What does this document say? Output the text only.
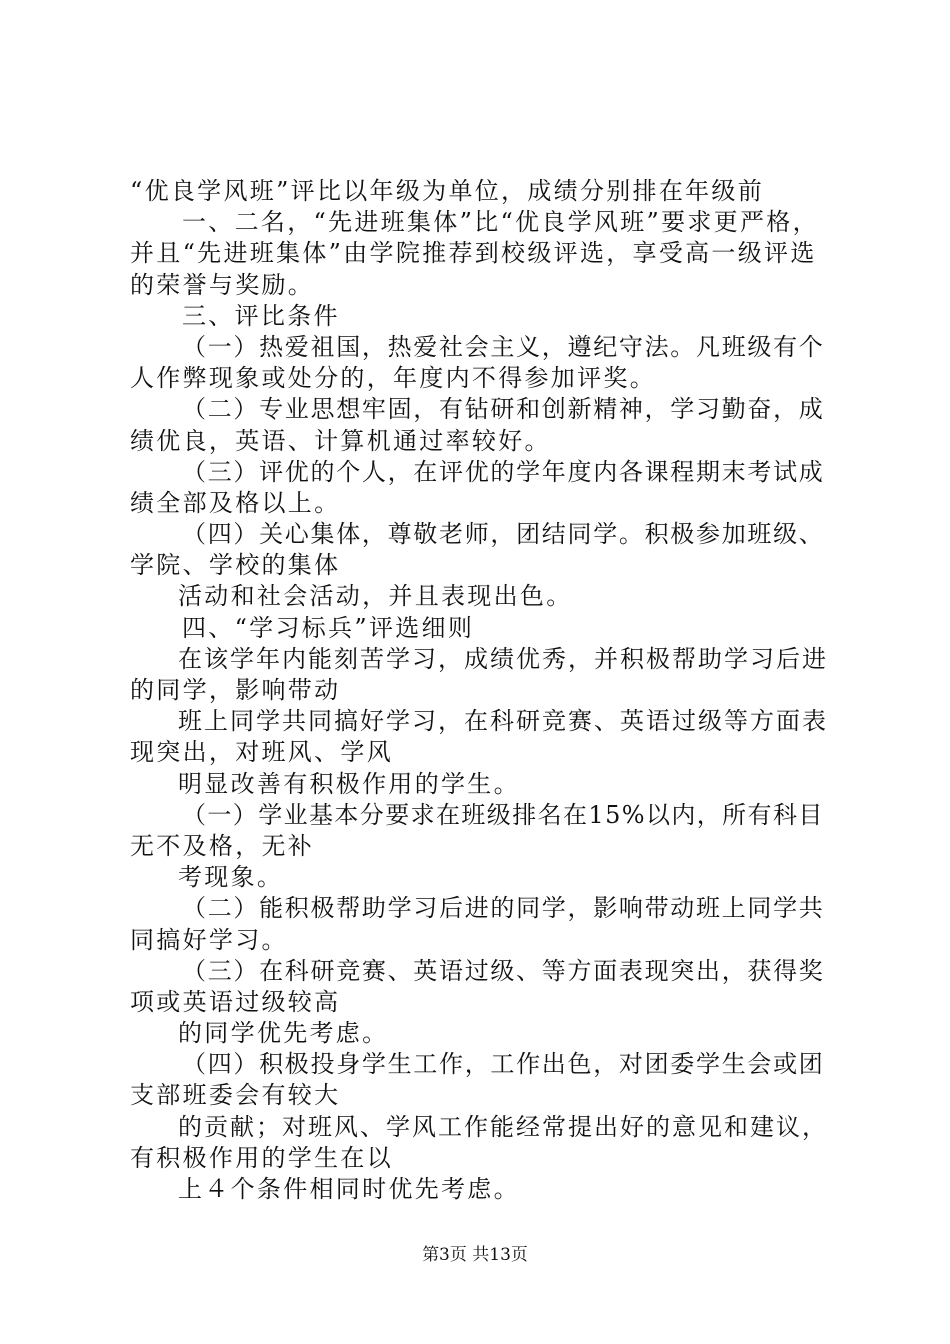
“优良学风班”评比以年级为单位，成绩分别排在年级前
一、二名，“先进班集体”比“优良学风班”要求更严格，
并且“先进班集体”由学院推荐到校级评选，享受高一级评选
的荣誉与奖励。
三、评比条件
（一）热爱祖国，热爱社会主义，遵纪守法。凡班级有个
人作弊现象或处分的，年度内不得参加评奖。
（二）专业思想牢固，有钻研和创新精神，学习勤奋，成
绩优良，英语、计算机通过率较好。
（三）评优的个人，在评优的学年度内各课程期末考试成
绩全部及格以上。
（四）关心集体，尊敬老师，团结同学。积极参加班级、
学院、学校的集体
活动和社会活动，并且表现出色。
四、“学习标兵”评选细则
在该学年内能刻苦学习，成绩优秀，并积极帮助学习后进
的同学，影响带动
班上同学共同搞好学习，在科研竞赛、英语过级等方面表
现突出，对班风、学风
明显改善有积极作用的学生。
（一）学业基本分要求在班级排名在15%以内，所有科目
无不及格，无补
考现象。
（二）能积极帮助学习后进的同学，影响带动班上同学共
同搞好学习。
（三）在科研竞赛、英语过级、等方面表现突出，获得奖
项或英语过级较高
的同学优先考虑。
（四）积极投身学生工作，工作出色，对团委学生会或团
支部班委会有较大
的贡献；对班风、学风工作能经常提出好的意见和建议，
有积极作用的学生在以
上４个条件相同时优先考虑。
第3页 共13页
